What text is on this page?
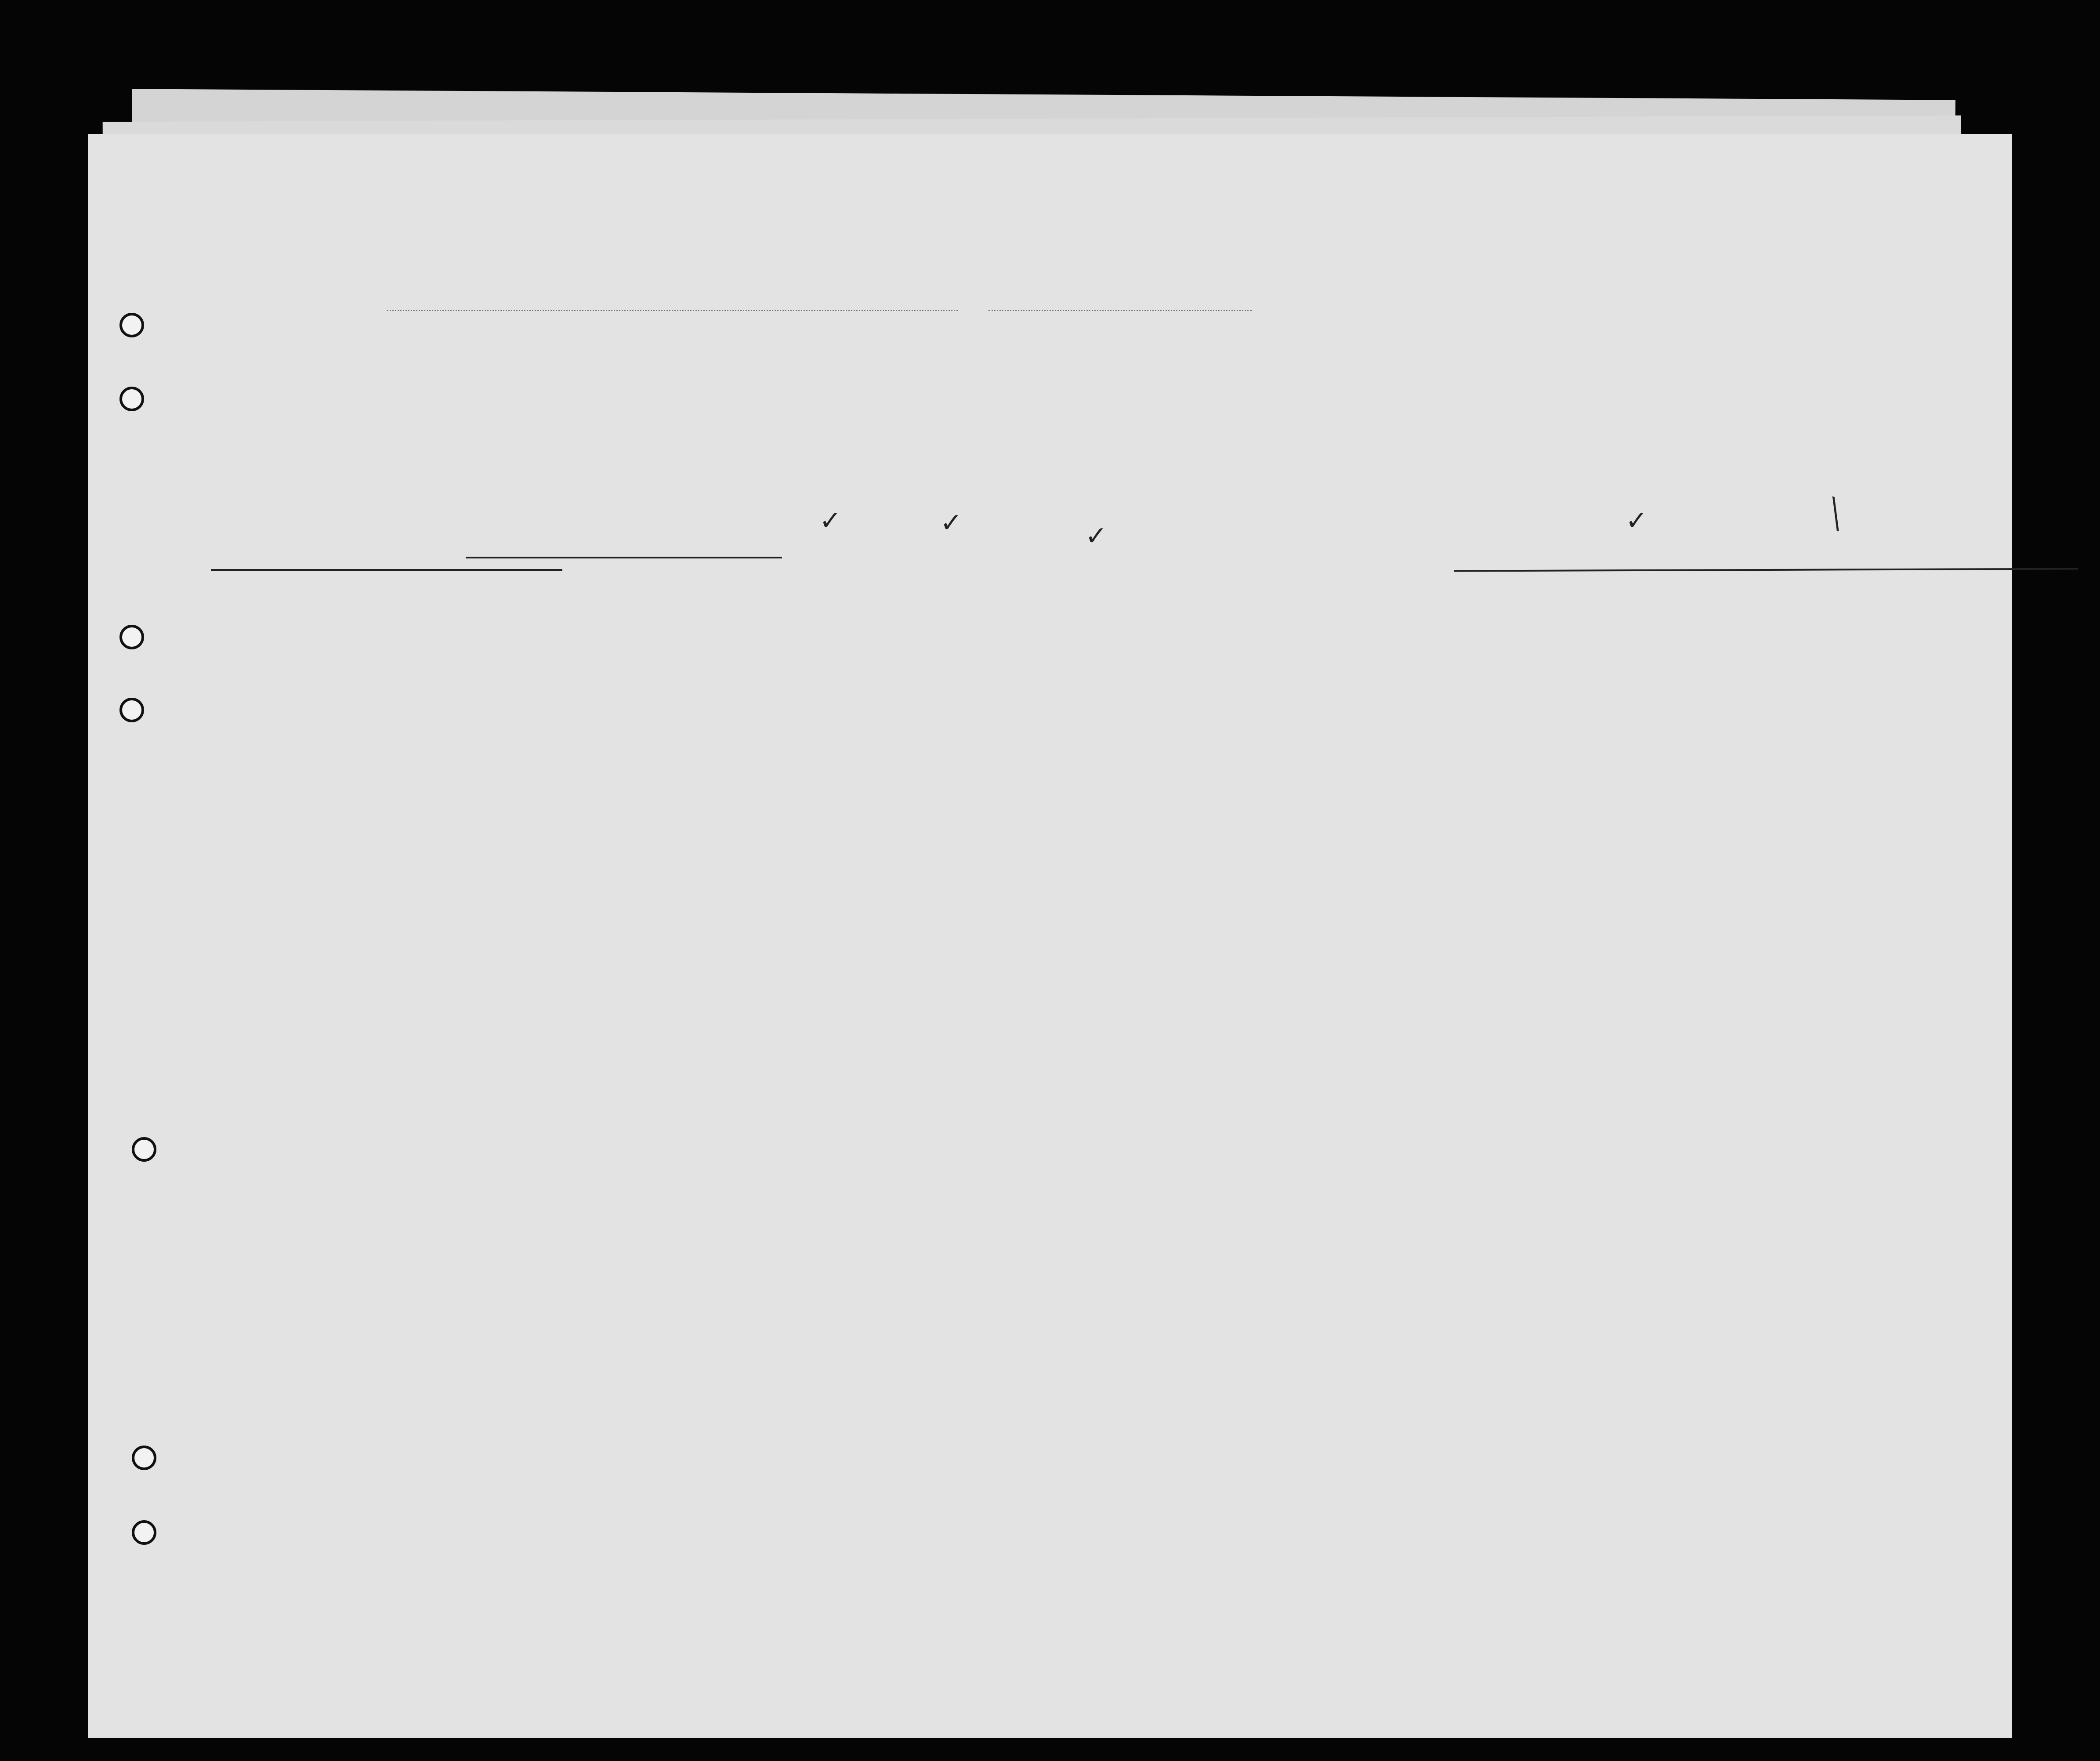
✓	✓	✓
✓	╲
